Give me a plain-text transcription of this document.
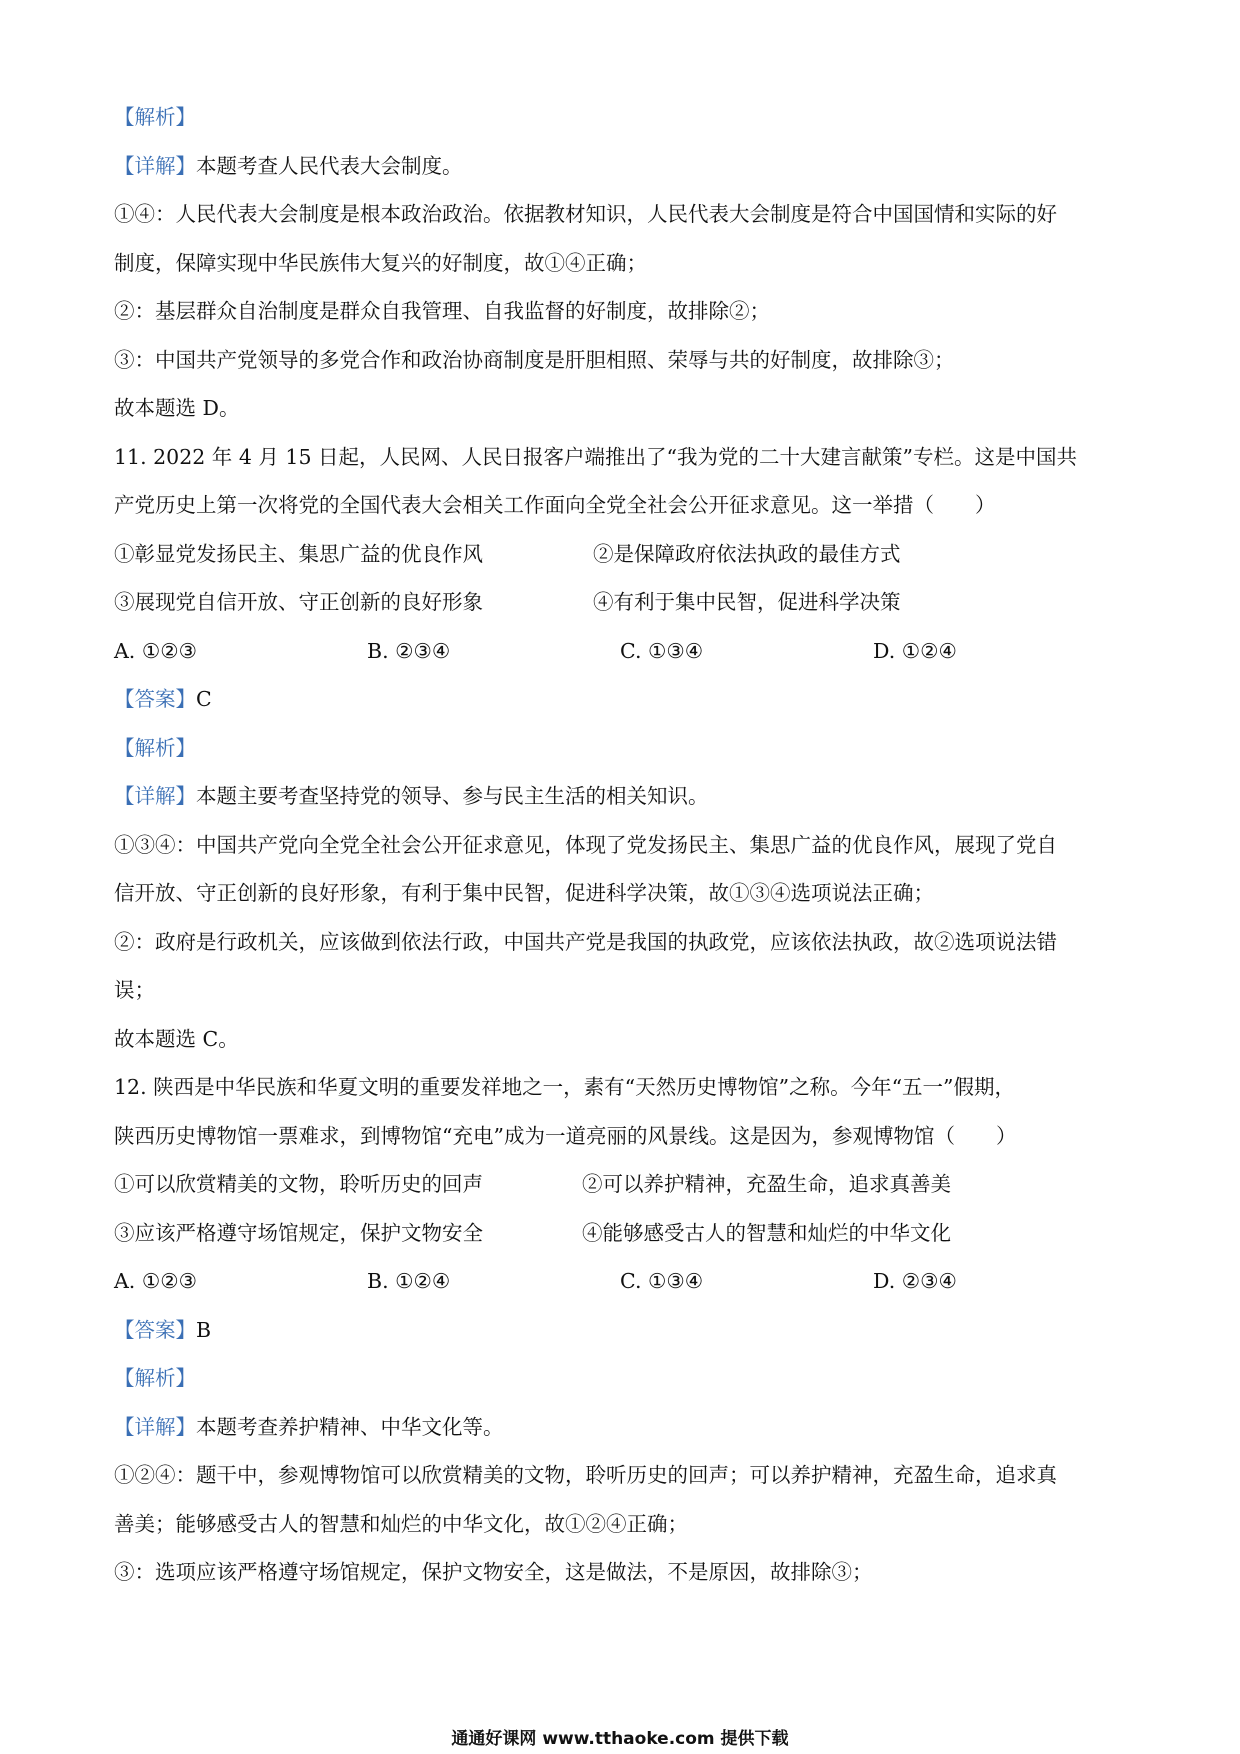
【解析】
【详解】本题考查人民代表大会制度。
①④：人民代表大会制度是根本政治政治。依据教材知识，人民代表大会制度是符合中国国情和实际的好
制度，保障实现中华民族伟大复兴的好制度，故①④正确；
②：基层群众自治制度是群众自我管理、自我监督的好制度，故排除②；
③：中国共产党领导的多党合作和政治协商制度是肝胆相照、荣辱与共的好制度，故排除③；
故本题选 D。
11. 2022 年 4 月 15 日起，人民网、人民日报客户端推出了“我为党的二十大建言献策”专栏。这是中国共
产党历史上第一次将党的全国代表大会相关工作面向全党全社会公开征求意见。这一举措（　　）
①彰显党发扬民主、集思广益的优良作风	②是保障政府依法执政的最佳方式
③展现党自信开放、守正创新的良好形象	④有利于集中民智，促进科学决策
A. ①②③	B. ②③④	C. ①③④	D. ①②④
【答案】C
【解析】
【详解】本题主要考查坚持党的领导、参与民主生活的相关知识。
①③④：中国共产党向全党全社会公开征求意见，体现了党发扬民主、集思广益的优良作风，展现了党自
信开放、守正创新的良好形象，有利于集中民智，促进科学决策，故①③④选项说法正确；
②：政府是行政机关，应该做到依法行政，中国共产党是我国的执政党，应该依法执政，故②选项说法错
误；
故本题选 C。
12. 陕西是中华民族和华夏文明的重要发祥地之一，素有“天然历史博物馆”之称。今年“五一”假期，
陕西历史博物馆一票难求，到博物馆“充电”成为一道亮丽的风景线。这是因为，参观博物馆（　　）
①可以欣赏精美的文物，聆听历史的回声	②可以养护精神，充盈生命，追求真善美
③应该严格遵守场馆规定，保护文物安全	④能够感受古人的智慧和灿烂的中华文化
A. ①②③	B. ①②④	C. ①③④	D. ②③④
【答案】B
【解析】
【详解】本题考查养护精神、中华文化等。
①②④：题干中，参观博物馆可以欣赏精美的文物，聆听历史的回声；可以养护精神，充盈生命，追求真
善美；能够感受古人的智慧和灿烂的中华文化，故①②④正确；
③：选项应该严格遵守场馆规定，保护文物安全，这是做法，不是原因，故排除③；
通通好课网 www.tthaoke.com 提供下载
